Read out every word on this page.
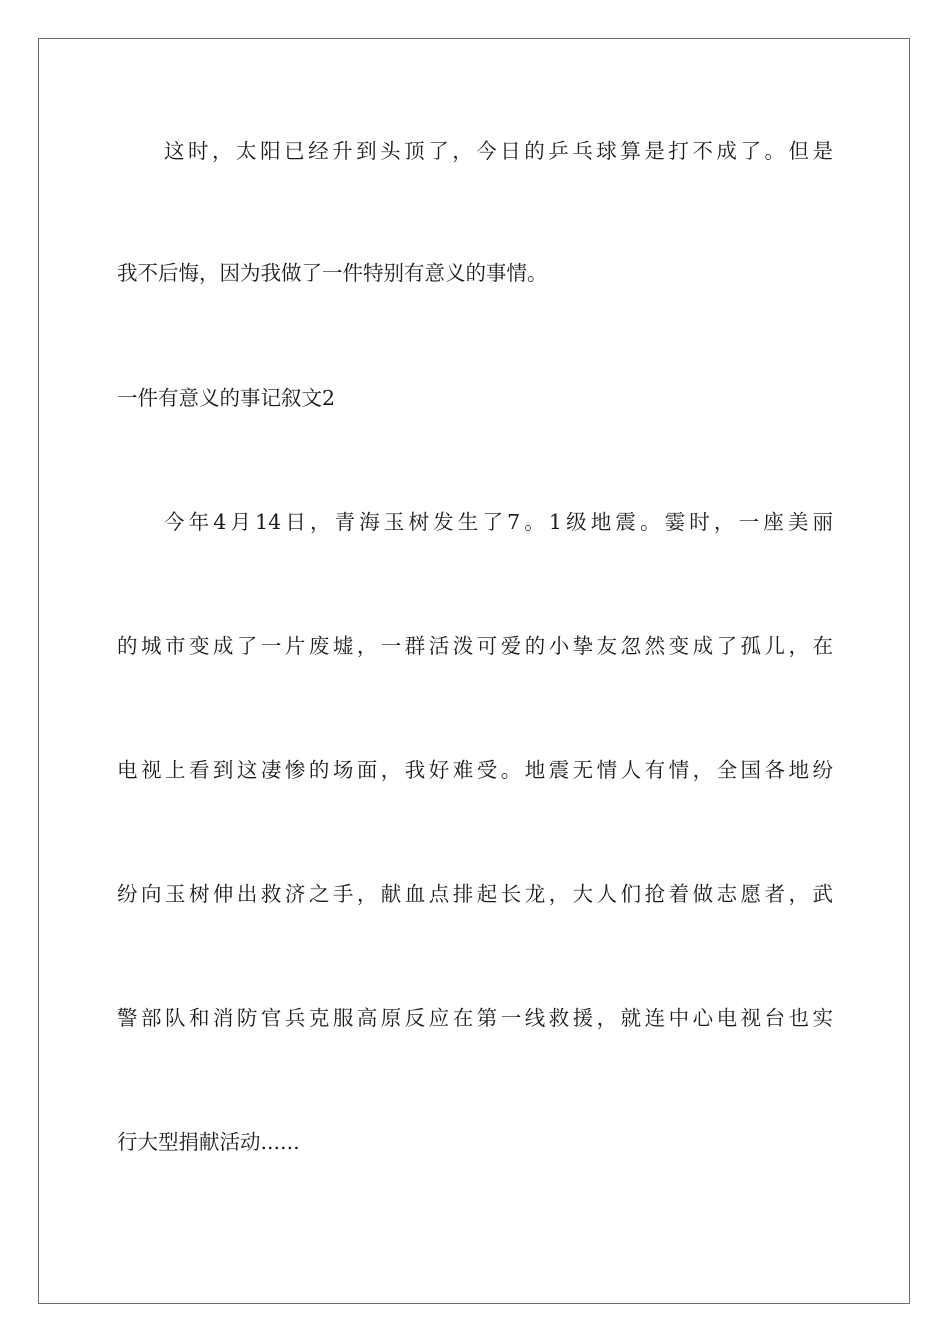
这时，太阳已经升到头顶了，今日的乒乓球算是打不成了。但是
我不后悔，因为我做了一件特别有意义的事情。
一件有意义的事记叙文2
今年4月14日，青海玉树发生了7。1级地震。霎时，一座美丽
的城市变成了一片废墟，一群活泼可爱的小挚友忽然变成了孤儿，在
电视上看到这凄惨的场面，我好难受。地震无情人有情，全国各地纷
纷向玉树伸出救济之手，献血点排起长龙，大人们抢着做志愿者，武
警部队和消防官兵克服高原反应在第一线救援，就连中心电视台也实
行大型捐献活动......
